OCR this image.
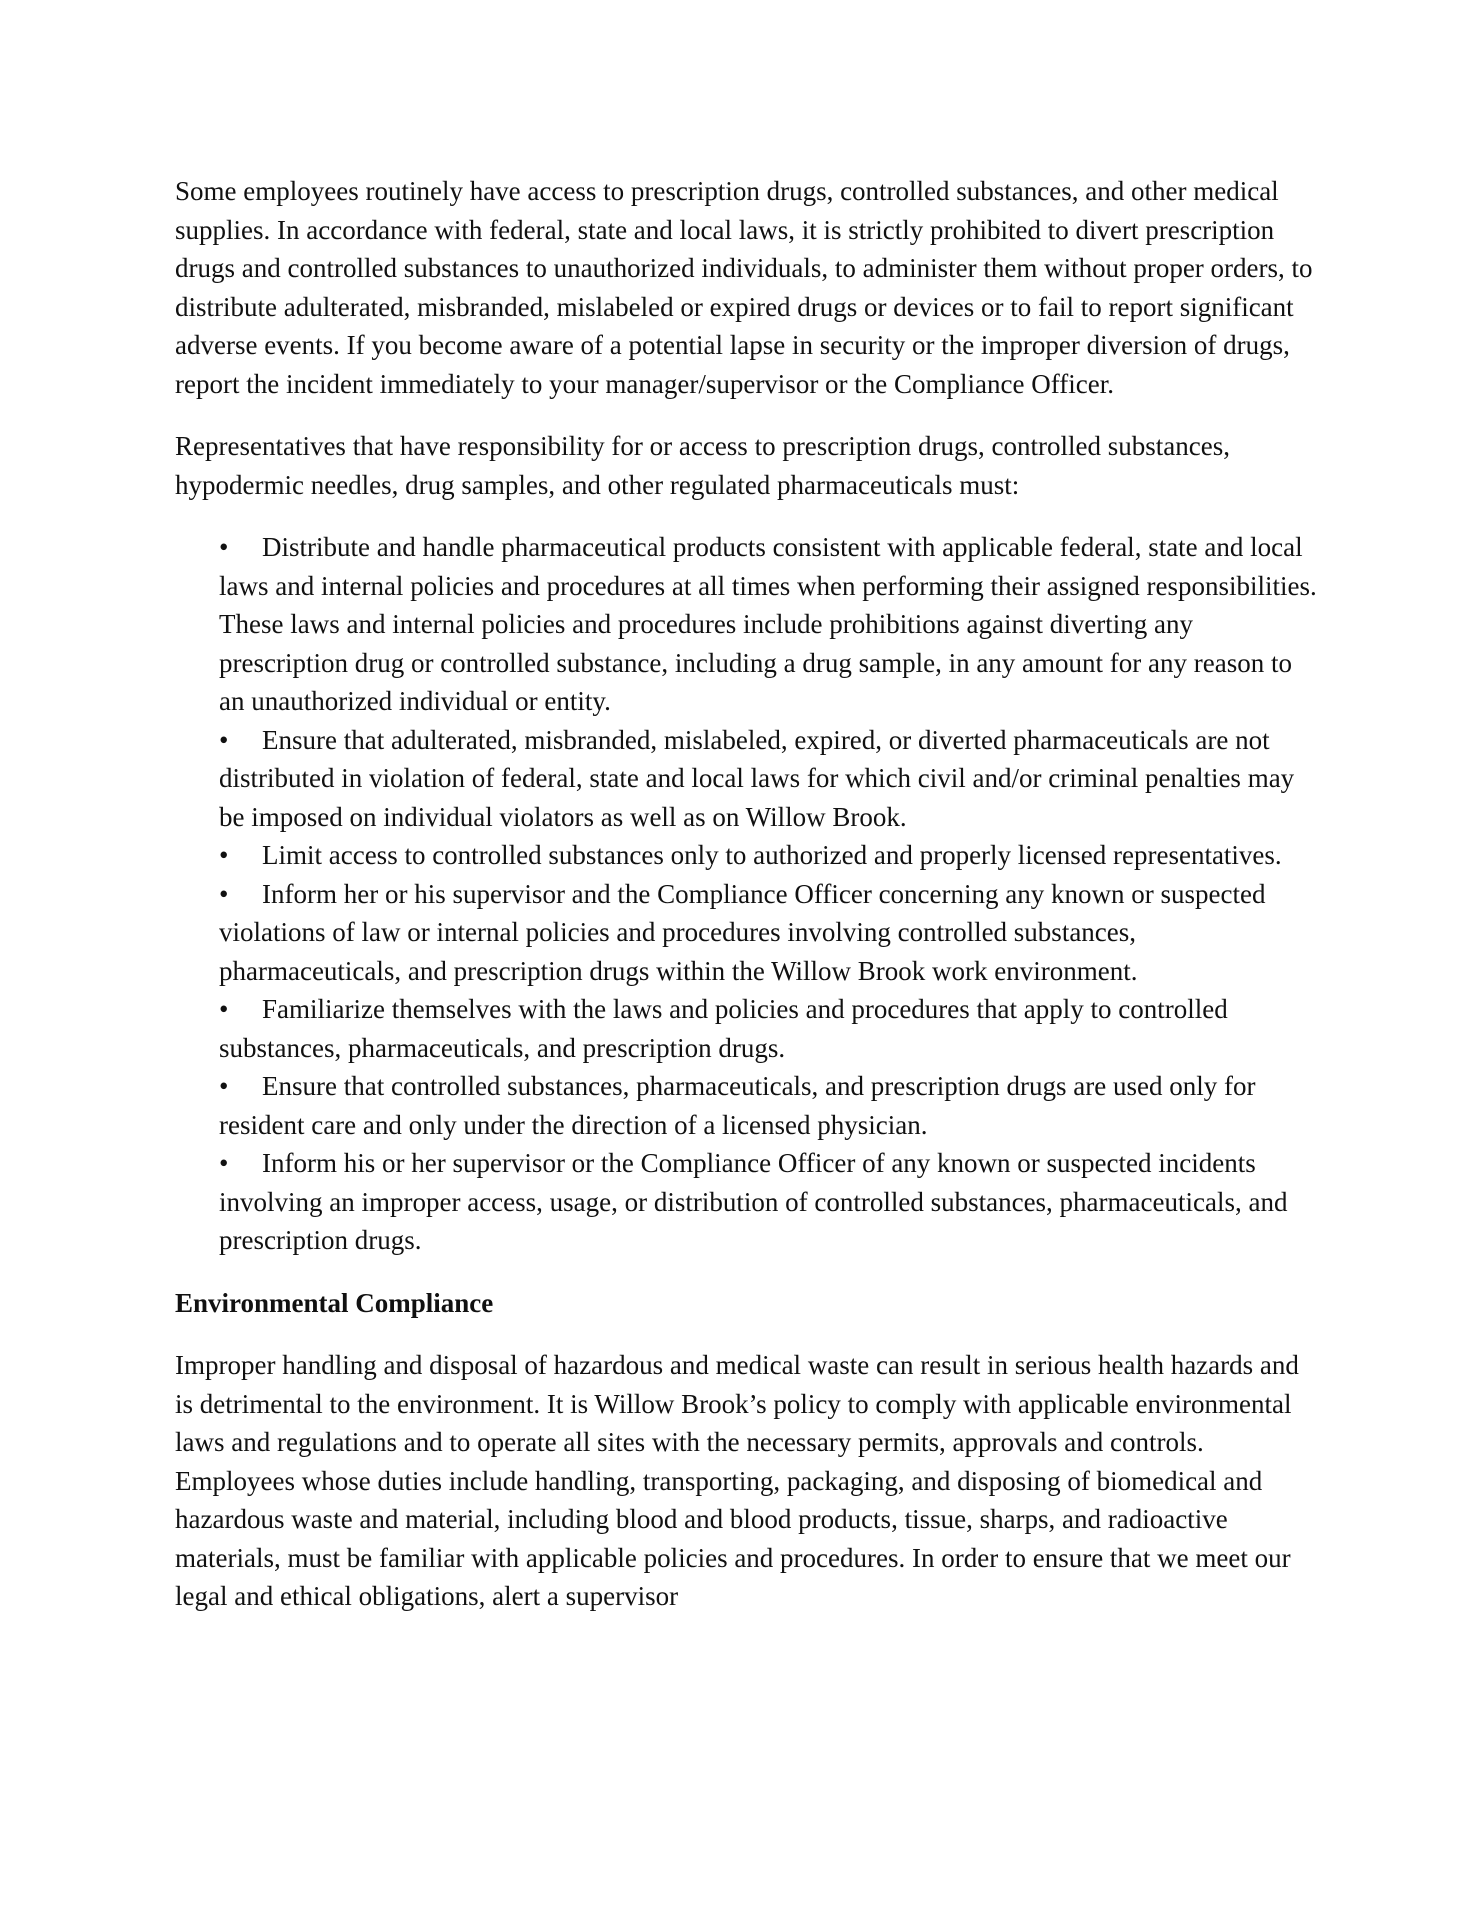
Some employees routinely have access to prescription drugs, controlled substances, and other medical supplies. In accordance with federal, state and local laws, it is strictly prohibited to divert prescription drugs and controlled substances to unauthorized individuals, to administer them without proper orders, to distribute adulterated, misbranded, mislabeled or expired drugs or devices or to fail to report significant adverse events. If you become aware of a potential lapse in security or the improper diversion of drugs, report the incident immediately to your manager/supervisor or the Compliance Officer.

Representatives that have responsibility for or access to prescription drugs, controlled substances, hypodermic needles, drug samples, and other regulated pharmaceuticals must:

• Distribute and handle pharmaceutical products consistent with applicable federal, state and local laws and internal policies and procedures at all times when performing their assigned responsibilities. These laws and internal policies and procedures include prohibitions against diverting any prescription drug or controlled substance, including a drug sample, in any amount for any reason to an unauthorized individual or entity.
• Ensure that adulterated, misbranded, mislabeled, expired, or diverted pharmaceuticals are not distributed in violation of federal, state and local laws for which civil and/or criminal penalties may be imposed on individual violators as well as on Willow Brook.
• Limit access to controlled substances only to authorized and properly licensed representatives.
• Inform her or his supervisor and the Compliance Officer concerning any known or suspected violations of law or internal policies and procedures involving controlled substances, pharmaceuticals, and prescription drugs within the Willow Brook work environment.
• Familiarize themselves with the laws and policies and procedures that apply to controlled substances, pharmaceuticals, and prescription drugs.
• Ensure that controlled substances, pharmaceuticals, and prescription drugs are used only for resident care and only under the direction of a licensed physician.
• Inform his or her supervisor or the Compliance Officer of any known or suspected incidents involving an improper access, usage, or distribution of controlled substances, pharmaceuticals, and prescription drugs.
Environmental Compliance

Improper handling and disposal of hazardous and medical waste can result in serious health hazards and is detrimental to the environment. It is Willow Brook’s policy to comply with applicable environmental laws and regulations and to operate all sites with the necessary permits, approvals and controls. Employees whose duties include handling, transporting, packaging, and disposing of biomedical and hazardous waste and material, including blood and blood products, tissue, sharps, and radioactive materials, must be familiar with applicable policies and procedures. In order to ensure that we meet our legal and ethical obligations, alert a supervisor
